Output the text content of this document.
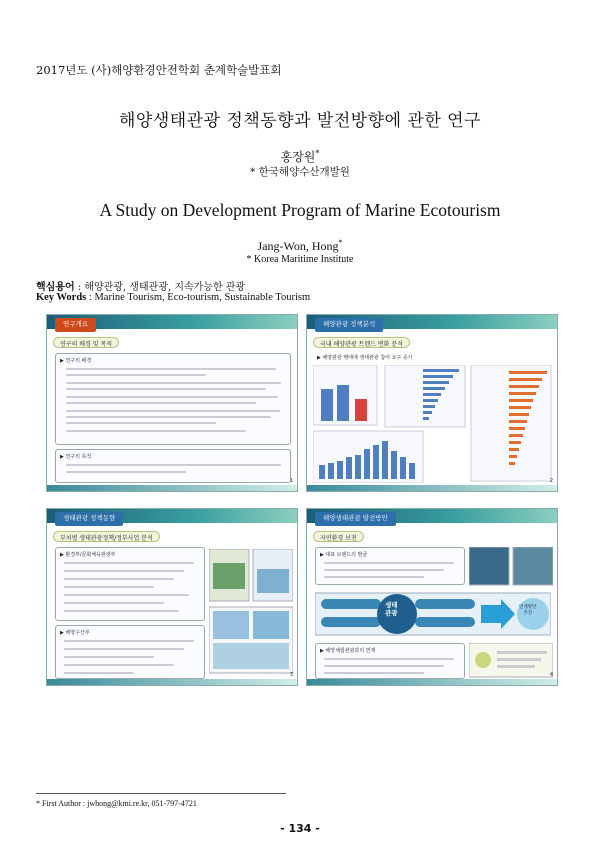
2017년도 (사)해양환경안전학회 춘계학술발표회
해양생태관광 정책동향과 발전방향에 관한 연구
홍장원*
* 한국해양수산개발원
A Study on Development Program of Marine Ecotourism
Jang-Won, Hong*
* Korea Maritime Institute
핵심용어 : 해양관광, 생태관광, 지속가능한 관광
Key Words : Marine Tourism, Eco-tourism, Sustainable Tourism
연구개요
연구의 배경 및 목적
▶ 연구의 배경
▶ 연구의 목적
1
해양관광 정책분석
국내 해양관광 트렌드 변화 분석
▶ 해양관광 행태에 생태관광 참여 요구 증가
2
생태관광 정책동향
부처별 생태관광정책/정부사업 분석
▶ 환경부/문화체육관광부
▶ 해양수산부
3
해양생태관광 발전방안
자연환경 보전
▶ 대표 브랜드의 발굴
생태
관광
연계방안
추진
▶ 해양체험관광과의 연계
4
* First Author : jwhong@kmi.re.kr, 051-797-4721
- 134 -
